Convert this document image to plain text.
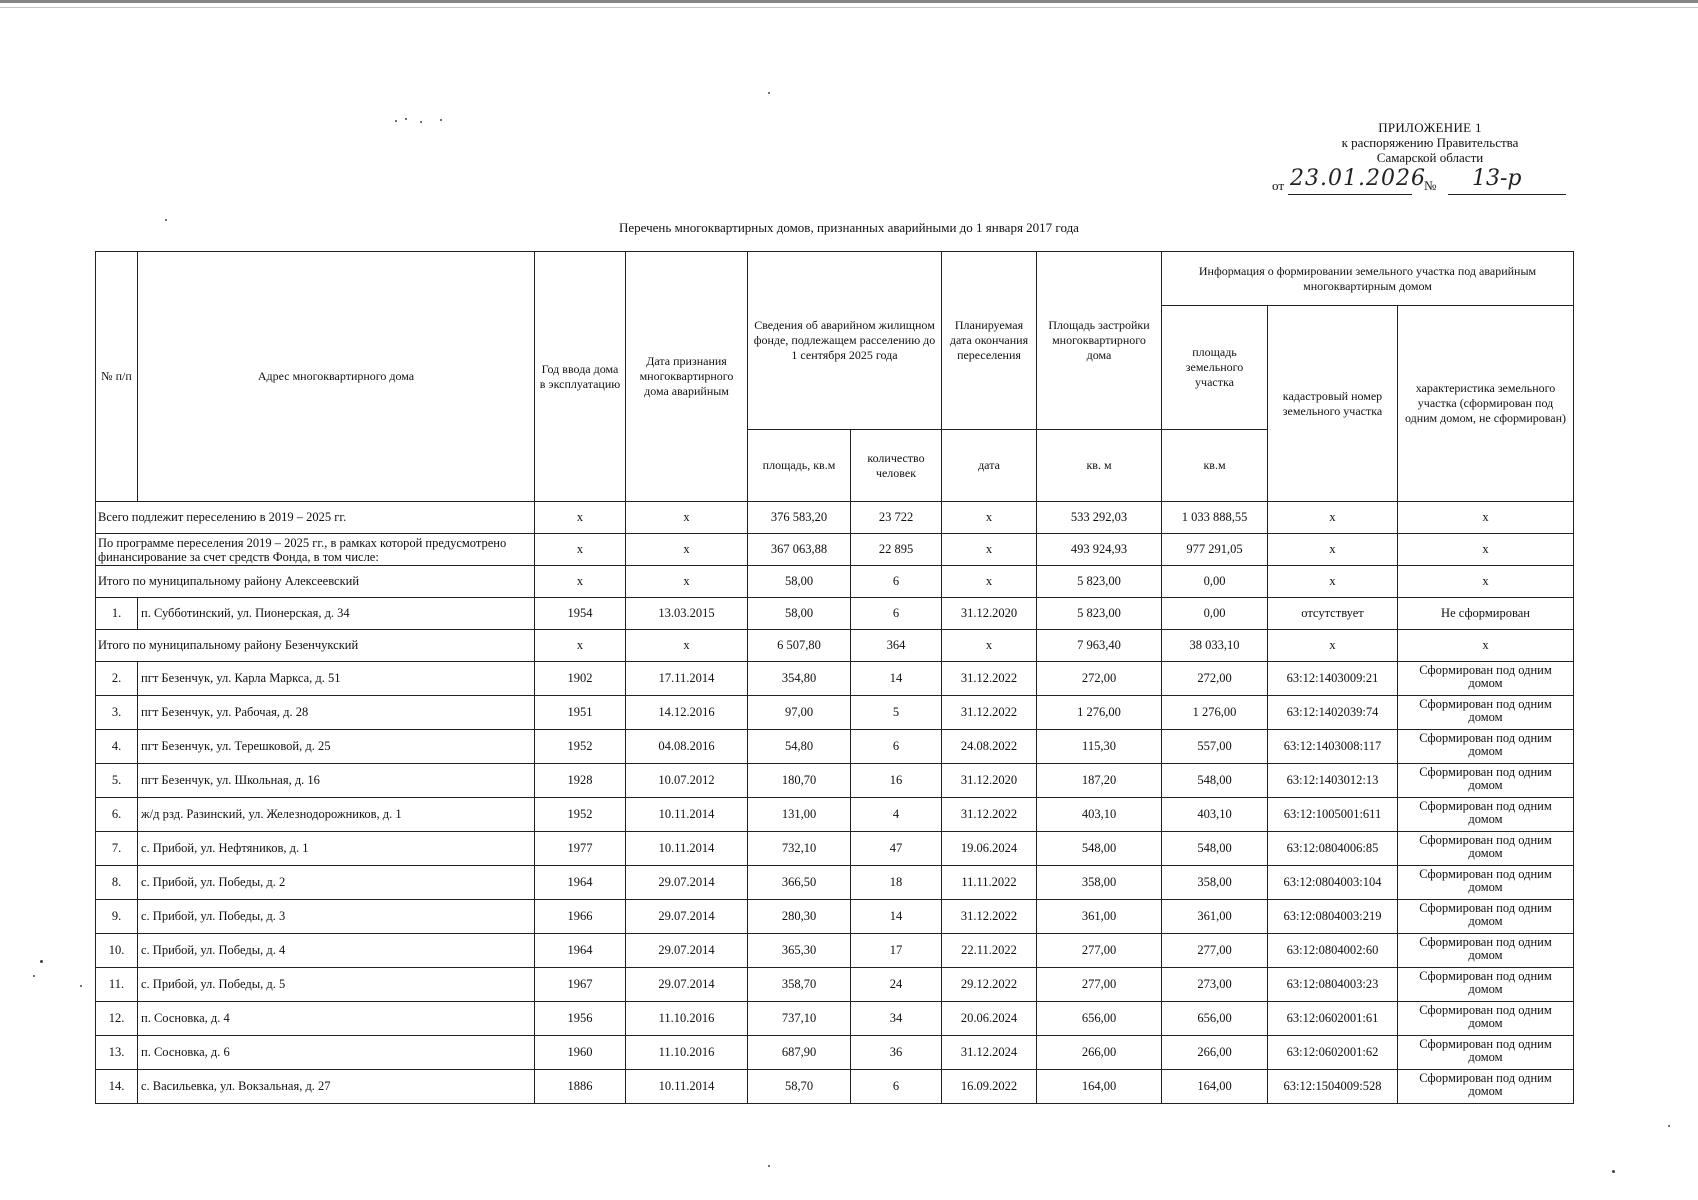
ПРИЛОЖЕНИЕ 1
к распоряжению Правительства
Самарской области
от 23.01.2026
№ 13-р
Перечень многоквартирных домов, признанных аварийными до 1 января 2017 года
№ п/п	Адрес многоквартирного дома	Год ввода дома в эксплуатацию	Дата признания многоквартирного дома аварийным	Сведения об аварийном жилищном фонде, подлежащем расселению до 1 сентября 2025 года		Планируемая дата окончания переселения	Площадь застройки многоквартирного дома	Информация о формировании земельного участка под аварийным многоквартирным домом		
								площадь земельного участка	кадастровый номер земельного участка	характеристика земельного участка (сформирован под одним домом, не сформирован)
				площадь, кв.м	количество человек	дата	кв. м	кв.м		
Всего подлежит переселению в 2019 – 2025 гг.		x	x	376 583,20	23 722	x	533 292,03	1 033 888,55	x	x
По программе переселения 2019 – 2025 гг., в рамках которой предусмотрено финансирование за счет средств Фонда, в том числе:		x	x	367 063,88	22 895	x	493 924,93	977 291,05	x	x
Итого по муниципальному району Алексеевский		x	x	58,00	6	x	5 823,00	0,00	x	x
1.	п. Субботинский, ул. Пионерская, д. 34	1954	13.03.2015	58,00	6	31.12.2020	5 823,00	0,00	отсутствует	Не сформирован
Итого по муниципальному району Безенчукский		x	x	6 507,80	364	x	7 963,40	38 033,10	x	x
2.	пгт Безенчук, ул. Карла Маркса, д. 51	1902	17.11.2014	354,80	14	31.12.2022	272,00	272,00	63:12:1403009:21	Сформирован под одним домом
3.	пгт Безенчук, ул. Рабочая, д. 28	1951	14.12.2016	97,00	5	31.12.2022	1 276,00	1 276,00	63:12:1402039:74	Сформирован под одним домом
4.	пгт Безенчук, ул. Терешковой, д. 25	1952	04.08.2016	54,80	6	24.08.2022	115,30	557,00	63:12:1403008:117	Сформирован под одним домом
5.	пгт Безенчук, ул. Школьная, д. 16	1928	10.07.2012	180,70	16	31.12.2020	187,20	548,00	63:12:1403012:13	Сформирован под одним домом
6.	ж/д рзд. Разинский, ул. Железнодорожников, д. 1	1952	10.11.2014	131,00	4	31.12.2022	403,10	403,10	63:12:1005001:611	Сформирован под одним домом
7.	с. Прибой, ул. Нефтяников, д. 1	1977	10.11.2014	732,10	47	19.06.2024	548,00	548,00	63:12:0804006:85	Сформирован под одним домом
8.	с. Прибой, ул. Победы, д. 2	1964	29.07.2014	366,50	18	11.11.2022	358,00	358,00	63:12:0804003:104	Сформирован под одним домом
9.	с. Прибой, ул. Победы, д. 3	1966	29.07.2014	280,30	14	31.12.2022	361,00	361,00	63:12:0804003:219	Сформирован под одним домом
10.	с. Прибой, ул. Победы, д. 4	1964	29.07.2014	365,30	17	22.11.2022	277,00	277,00	63:12:0804002:60	Сформирован под одним домом
11.	с. Прибой, ул. Победы, д. 5	1967	29.07.2014	358,70	24	29.12.2022	277,00	273,00	63:12:0804003:23	Сформирован под одним домом
12.	п. Сосновка, д. 4	1956	11.10.2016	737,10	34	20.06.2024	656,00	656,00	63:12:0602001:61	Сформирован под одним домом
13.	п. Сосновка, д. 6	1960	11.10.2016	687,90	36	31.12.2024	266,00	266,00	63:12:0602001:62	Сформирован под одним домом
14.	с. Васильевка, ул. Вокзальная, д. 27	1886	10.11.2014	58,70	6	16.09.2022	164,00	164,00	63:12:1504009:528	Сформирован под одним домом
